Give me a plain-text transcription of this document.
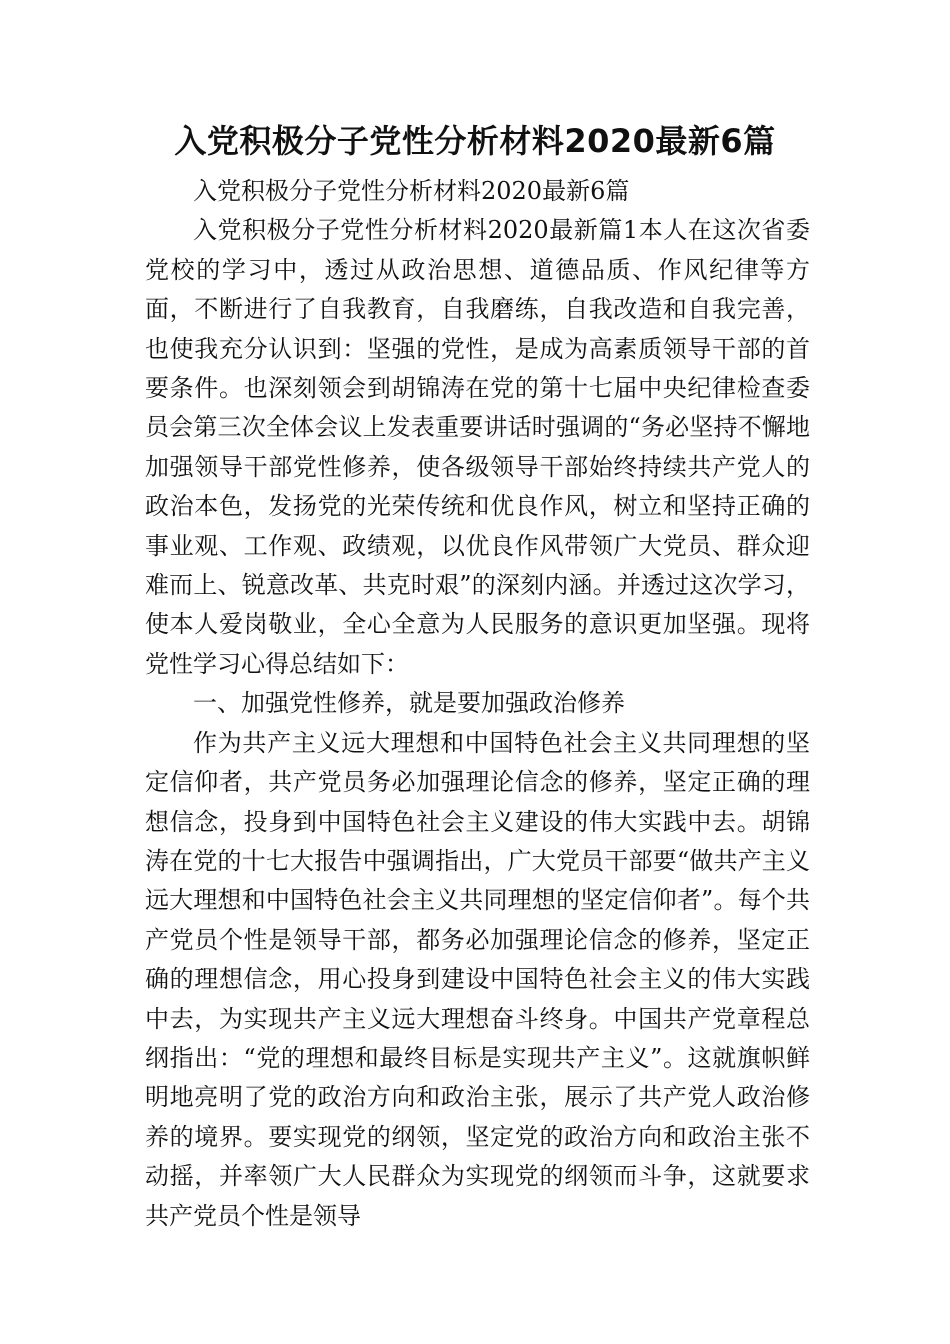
入党积极分子党性分析材料2020最新6篇

入党积极分子党性分析材料2020最新6篇

入党积极分子党性分析材料2020最新篇1本人在这次省委党校的学习中，透过从政治思想、道德品质、作风纪律等方面，不断进行了自我教育，自我磨练，自我改造和自我完善，也使我充分认识到：坚强的党性，是成为高素质领导干部的首要条件。也深刻领会到胡锦涛在党的第十七届中央纪律检查委员会第三次全体会议上发表重要讲话时强调的“务必坚持不懈地加强领导干部党性修养，使各级领导干部始终持续共产党人的政治本色，发扬党的光荣传统和优良作风，树立和坚持正确的事业观、工作观、政绩观，以优良作风带领广大党员、群众迎难而上、锐意改革、共克时艰”的深刻内涵。并透过这次学习，使本人爱岗敬业，全心全意为人民服务的意识更加坚强。现将党性学习心得总结如下：

一、加强党性修养，就是要加强政治修养

作为共产主义远大理想和中国特色社会主义共同理想的坚定信仰者，共产党员务必加强理论信念的修养，坚定正确的理想信念，投身到中国特色社会主义建设的伟大实践中去。胡锦涛在党的十七大报告中强调指出，广大党员干部要“做共产主义远大理想和中国特色社会主义共同理想的坚定信仰者”。每个共产党员个性是领导干部，都务必加强理论信念的修养，坚定正确的理想信念，用心投身到建设中国特色社会主义的伟大实践中去，为实现共产主义远大理想奋斗终身。中国共产党章程总纲指出：“党的理想和最终目标是实现共产主义”。这就旗帜鲜明地亮明了党的政治方向和政治主张，展示了共产党人政治修养的境界。要实现党的纲领，坚定党的政治方向和政治主张不动摇，并率领广大人民群众为实现党的纲领而斗争，这就要求共产党员个性是领导
